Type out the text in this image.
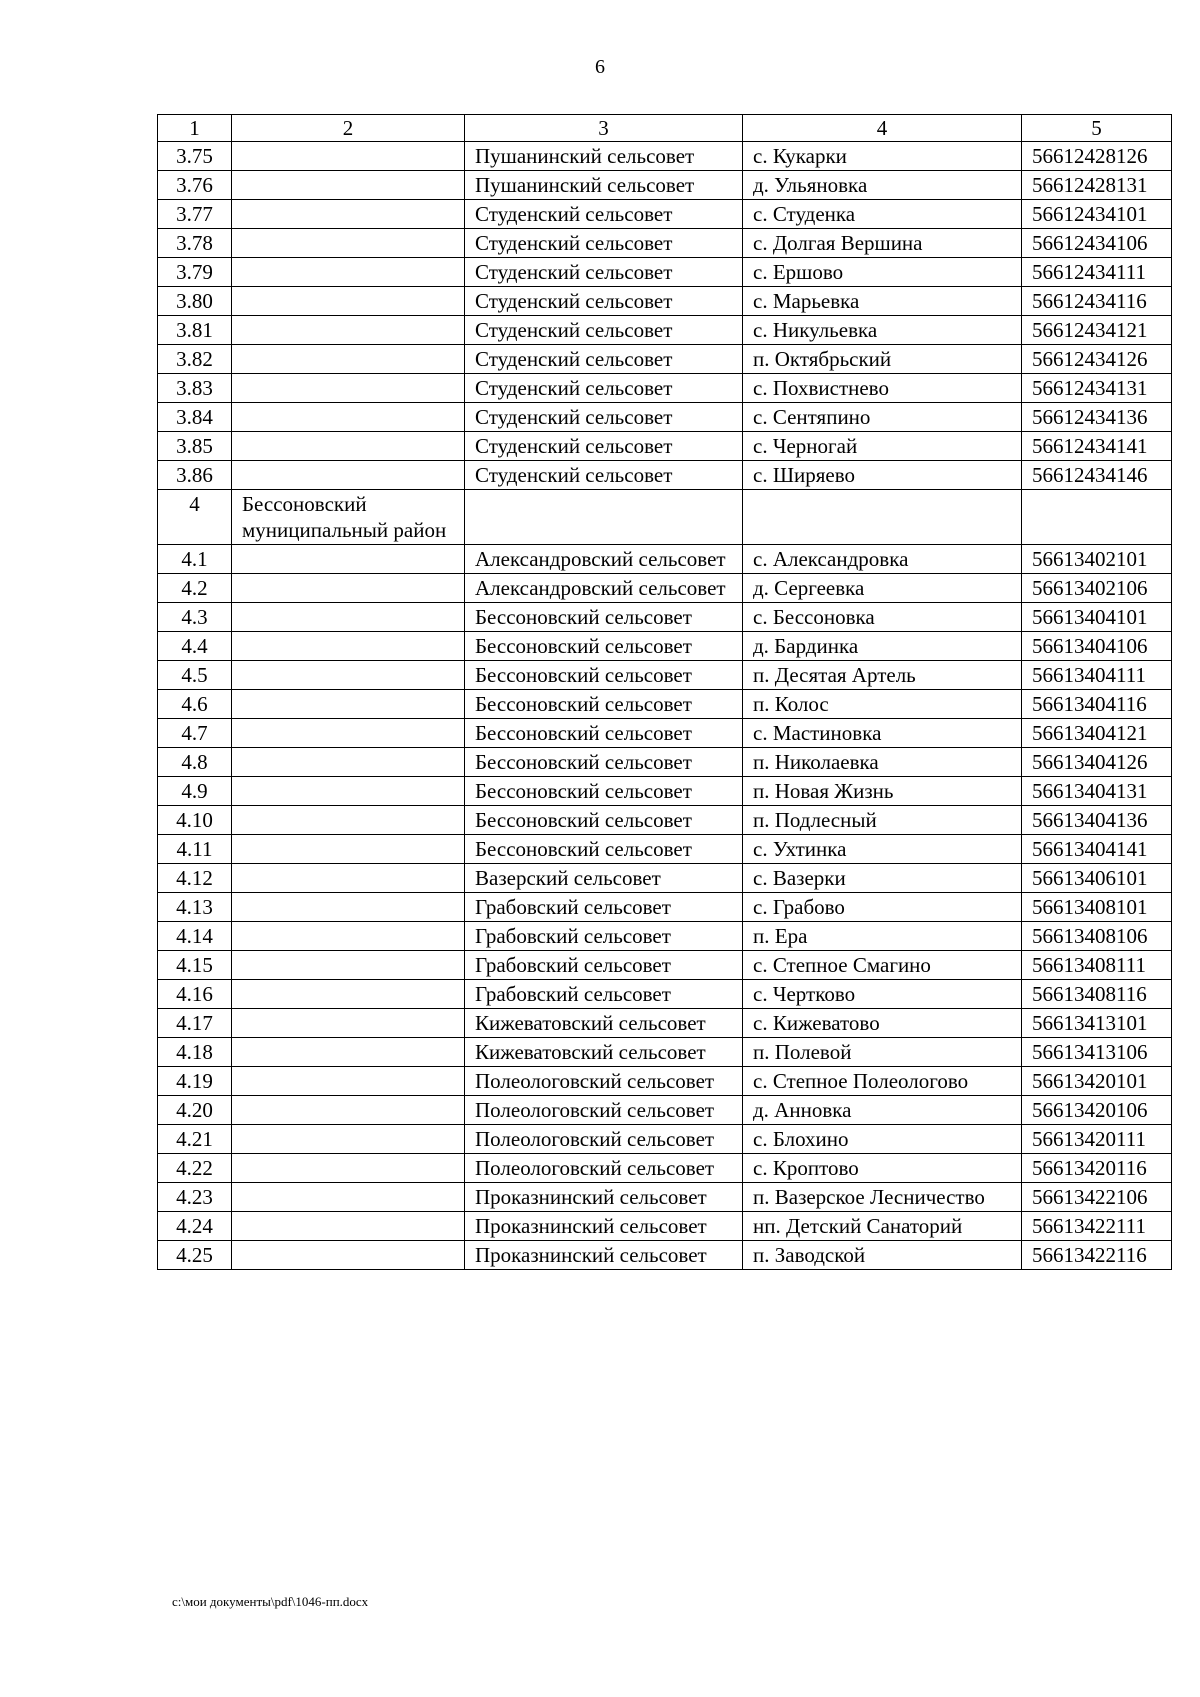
6
1	2	3	4	5
3.75		Пушанинский сельсовет	с. Кукарки	56612428126
3.76		Пушанинский сельсовет	д. Ульяновка	56612428131
3.77		Студенский сельсовет	с. Студенка	56612434101
3.78		Студенский сельсовет	с. Долгая Вершина	56612434106
3.79		Студенский сельсовет	с. Ершово	56612434111
3.80		Студенский сельсовет	с. Марьевка	56612434116
3.81		Студенский сельсовет	с. Никульевка	56612434121
3.82		Студенский сельсовет	п. Октябрьский	56612434126
3.83		Студенский сельсовет	с. Похвистнево	56612434131
3.84		Студенский сельсовет	с. Сентяпино	56612434136
3.85		Студенский сельсовет	с. Черногай	56612434141
3.86		Студенский сельсовет	с. Ширяево	56612434146
4	Бессоновский муниципальный район			
4.1		Александровский сельсовет	с. Александровка	56613402101
4.2		Александровский сельсовет	д. Сергеевка	56613402106
4.3		Бессоновский сельсовет	с. Бессоновка	56613404101
4.4		Бессоновский сельсовет	д. Бардинка	56613404106
4.5		Бессоновский сельсовет	п. Десятая Артель	56613404111
4.6		Бессоновский сельсовет	п. Колос	56613404116
4.7		Бессоновский сельсовет	с. Мастиновка	56613404121
4.8		Бессоновский сельсовет	п. Николаевка	56613404126
4.9		Бессоновский сельсовет	п. Новая Жизнь	56613404131
4.10		Бессоновский сельсовет	п. Подлесный	56613404136
4.11		Бессоновский сельсовет	с. Ухтинка	56613404141
4.12		Вазерский сельсовет	с. Вазерки	56613406101
4.13		Грабовский сельсовет	с. Грабово	56613408101
4.14		Грабовский сельсовет	п. Ера	56613408106
4.15		Грабовский сельсовет	с. Степное Смагино	56613408111
4.16		Грабовский сельсовет	с. Чертково	56613408116
4.17		Кижеватовский сельсовет	с. Кижеватово	56613413101
4.18		Кижеватовский сельсовет	п. Полевой	56613413106
4.19		Полеологовский сельсовет	с. Степное Полеологово	56613420101
4.20		Полеологовский сельсовет	д. Анновка	56613420106
4.21		Полеологовский сельсовет	с. Блохино	56613420111
4.22		Полеологовский сельсовет	с. Кроптово	56613420116
4.23		Проказнинский сельсовет	п. Вазерское Лесничество	56613422106
4.24		Проказнинский сельсовет	нп. Детский Санаторий	56613422111
4.25		Проказнинский сельсовет	п. Заводской	56613422116
c:\мои документы\pdf\1046-пп.docx
